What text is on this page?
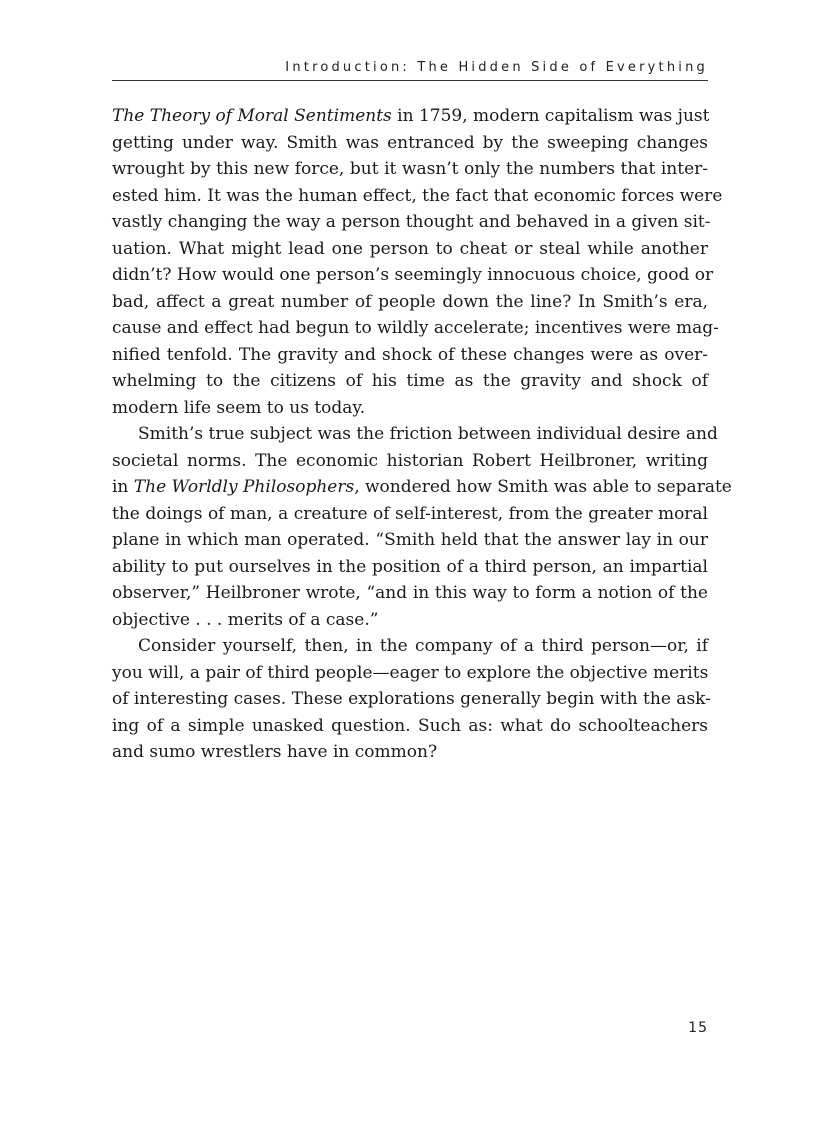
Introduction: The Hidden Side of Everything
The Theory of Moral Sentiments in 1759, modern capitalism was just
getting under way. Smith was entranced by the sweeping changes
wrought by this new force, but it wasn’t only the numbers that inter-
ested him. It was the human effect, the fact that economic forces were
vastly changing the way a person thought and behaved in a given sit-
uation. What might lead one person to cheat or steal while another
didn’t? How would one person’s seemingly innocuous choice, good or
bad, affect a great number of people down the line? In Smith’s era,
cause and effect had begun to wildly accelerate; incentives were mag-
nified tenfold. The gravity and shock of these changes were as over-
whelming to the citizens of his time as the gravity and shock of
modern life seem to us today.
Smith’s true subject was the friction between individual desire and
societal norms. The economic historian Robert Heilbroner, writing
in The Worldly Philosophers, wondered how Smith was able to separate
the doings of man, a creature of self-interest, from the greater moral
plane in which man operated. “Smith held that the answer lay in our
ability to put ourselves in the position of a third person, an impartial
observer,” Heilbroner wrote, “and in this way to form a notion of the
objective . . . merits of a case.”
Consider yourself, then, in the company of a third person—or, if
you will, a pair of third people—eager to explore the objective merits
of interesting cases. These explorations generally begin with the ask-
ing of a simple unasked question. Such as: what do schoolteachers
and sumo wrestlers have in common?
15
